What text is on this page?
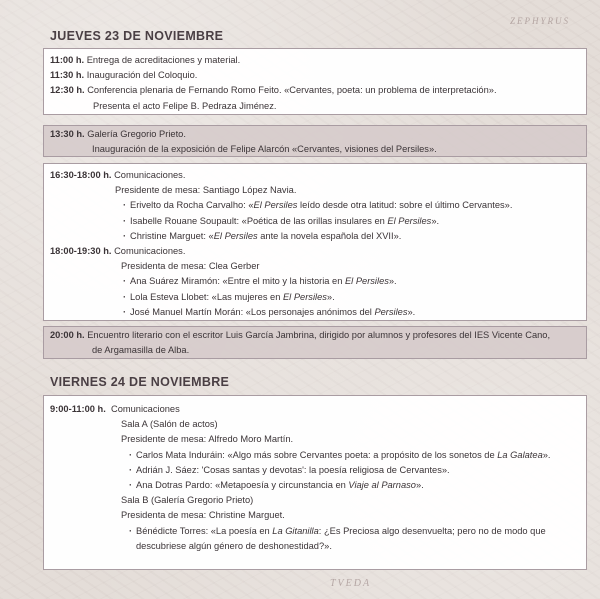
ZEPHYRUS
TVEDA
JUEVES 23 DE NOVIEMBRE
11:00 h. Entrega de acreditaciones y material.
11:30 h. Inauguración del Coloquio.
12:30 h. Conferencia plenaria de Fernando Romo Feito. «Cervantes, poeta: un problema de interpretación».
Presenta el acto Felipe B. Pedraza Jiménez.
13:30 h. Galería Gregorio Prieto.
Inauguración de la exposición de Felipe Alarcón «Cervantes, visiones del Persiles».
16:30-18:00 h. Comunicaciones.
Presidente de mesa: Santiago López Navia.
· Erivelto da Rocha Carvalho: «El Persiles leído desde otra latitud: sobre el último Cervantes».
· Isabelle Rouane Soupault: «Poética de las orillas insulares en El Persiles».
· Christine Marguet: «El Persiles ante la novela española del XVII».
18:00-19:30 h. Comunicaciones.
Presidenta de mesa: Clea Gerber
· Ana Suárez Miramón: «Entre el mito y la historia en El Persiles».
· Lola Esteva Llobet: «Las mujeres en El Persiles».
· José Manuel Martín Morán: «Los personajes anónimos del Persiles».
20:00 h. Encuentro literario con el escritor Luis García Jambrina, dirigido por alumnos y profesores del IES Vicente Cano,
de Argamasilla de Alba.
VIERNES 24 DE NOVIEMBRE
9:00-11:00 h. Comunicaciones
Sala A (Salón de actos)
Presidente de mesa: Alfredo Moro Martín.
· Carlos Mata Induráin: «Algo más sobre Cervantes poeta: a propósito de los sonetos de La Galatea».
· Adrián J. Sáez: 'Cosas santas y devotas': la poesía religiosa de Cervantes».
· Ana Dotras Pardo: «Metapoesía y circunstancia en Viaje al Parnaso».
Sala B (Galería Gregorio Prieto)
Presidenta de mesa: Christine Marguet.
· Bénédicte Torres: «La poesía en La Gitanilla: ¿Es Preciosa algo desenvuelta; pero no de modo que
descubriese algún género de deshonestidad?».
